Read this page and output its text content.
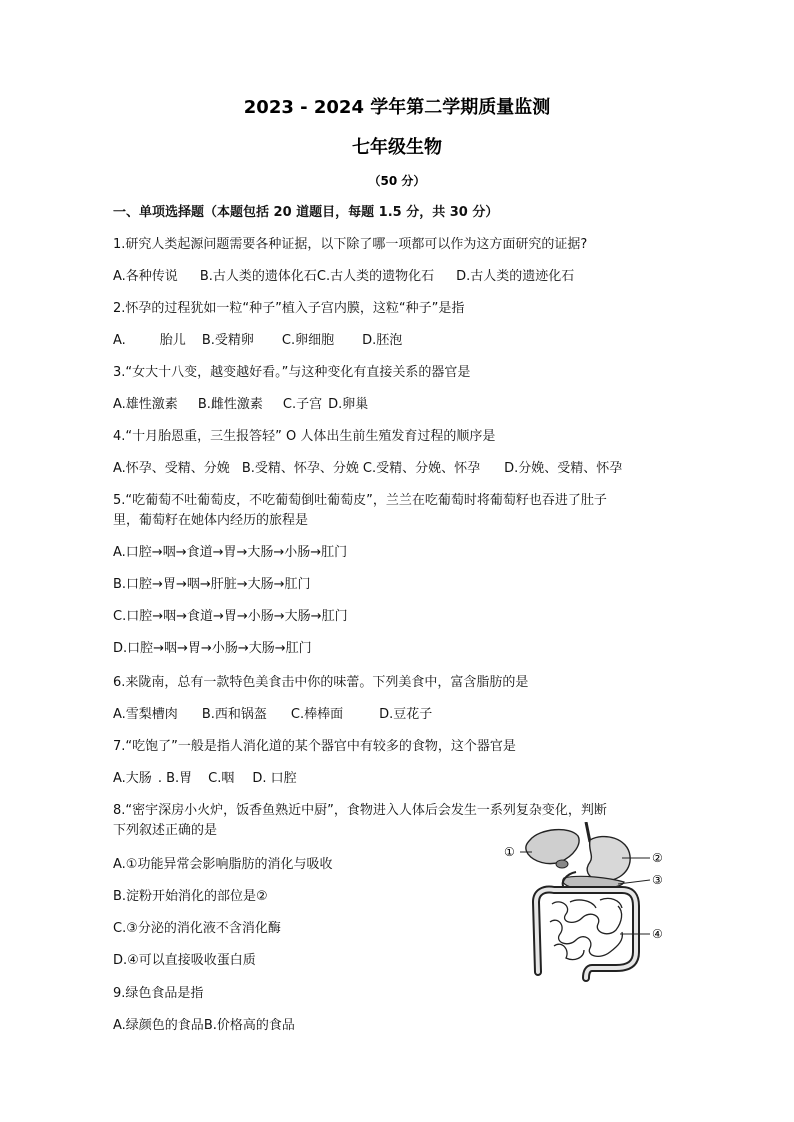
2023 - 2024 学年第二学期质量监测
七年级生物
（50 分）
一、单项选择题（本题包括 20 道题目，每题 1.5 分，共 30 分）
1.研究人类起源问题需要各种证据，以下除了哪一项都可以作为这方面研究的证据?
A.各种传说 B.古人类的遗体化石C.古人类的遗物化石 D.古人类的遗迹化石
2.怀孕的过程犹如一粒“种子”植入子宫内膜，这粒“种子”是指
A.	胎儿 B.受精卵 C.卵细胞 D.胚泡
3.“女大十八变，越变越好看。”与这种变化有直接关系的器官是
A.雄性激素 B.雌性激素 C.子宫 D.卵巢
4.“十月胎恩重，三生报答轻” O 人体出生前生殖发育过程的顺序是
A.怀孕、受精、分娩 B.受精、怀孕、分娩 C.受精、分娩、怀孕 D.分娩、受精、怀孕
5.“吃葡萄不吐葡萄皮，不吃葡萄倒吐葡萄皮”，兰兰在吃葡萄时将葡萄籽也吞进了肚子
里，葡萄籽在她体内经历的旅程是
A.口腔→咽→食道→胃→大肠→小肠→肛门
B.口腔→胃→咽→肝脏→大肠→肛门
C.口腔→咽→食道→胃→小肠→大肠→肛门
D.口腔→咽→胃→小肠→大肠→肛门
6.来陇南，总有一款特色美食击中你的味蕾。下列美食中，富含脂肪的是
A.雪梨槽肉 B.西和锅盔 C.棒棒面	D.豆花子
7.“吃饱了”一般是指人消化道的某个器官中有较多的食物，这个器官是
A.大肠 . B.胃 C.咽 D. 口腔
8.“密宇深房小火炉，饭香鱼熟近中厨”，食物进入人体后会发生一系列复杂变化，判断
下列叙述正确的是
A.①功能异常会影响脂肪的消化与吸收
B.淀粉开始消化的部位是②
C.③分泌的消化液不含消化酶
D.④可以直接吸收蛋白质
9.绿色食品是指
A.绿颜色的食品B.价格高的食品
①	②
③
④
